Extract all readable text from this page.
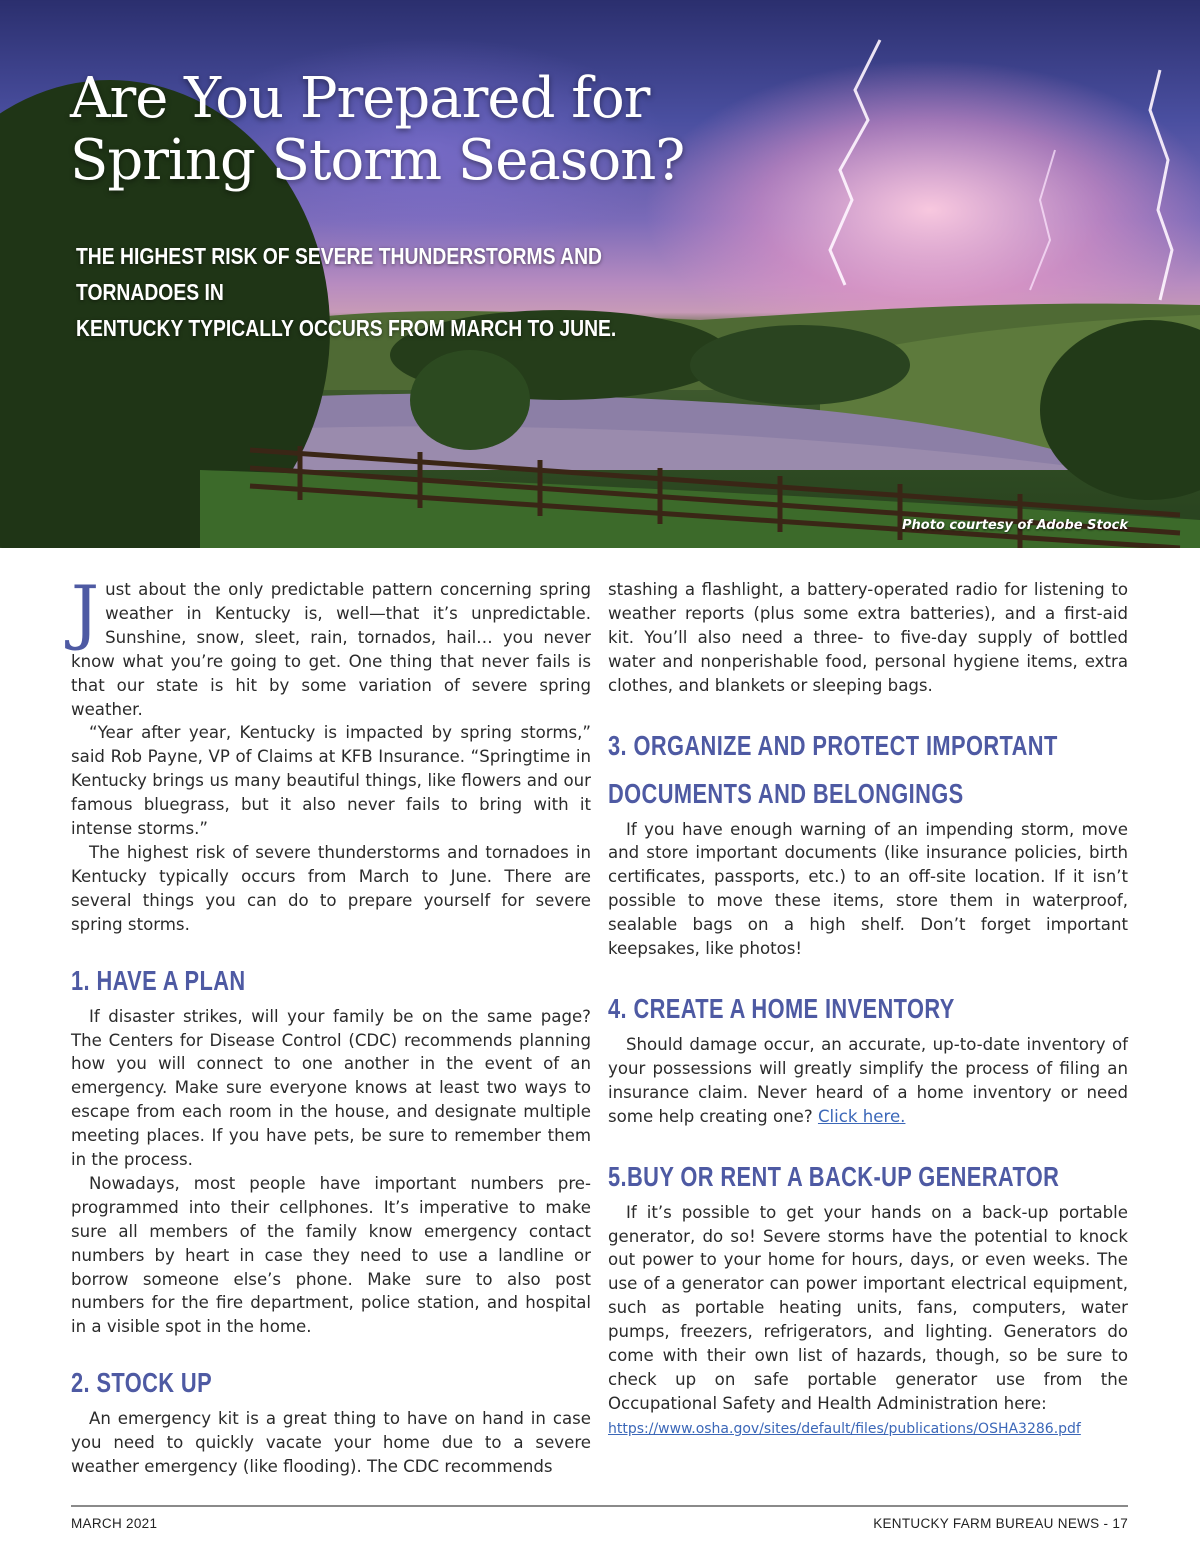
Are You Prepared for
Spring Storm Season?

THE HIGHEST RISK OF SEVERE THUNDERSTORMS AND TORNADOES IN
KENTUCKY TYPICALLY OCCURS FROM MARCH TO JUNE.

Photo courtesy of Adobe Stock

Just about the only predictable pattern concerning spring weather in Kentucky is, well—that it’s unpredictable. Sunshine, snow, sleet, rain, tornados, hail… you never know what you’re going to get. One thing that never fails is that our state is hit by some variation of severe spring weather.

“Year after year, Kentucky is impacted by spring storms,” said Rob Payne, VP of Claims at KFB Insurance. “Springtime in Kentucky brings us many beautiful things, like flowers and our famous bluegrass, but it also never fails to bring with it intense storms.”

The highest risk of severe thunderstorms and tornadoes in Kentucky typically occurs from March to June. There are several things you can do to prepare yourself for severe spring storms.

1. HAVE A PLAN

If disaster strikes, will your family be on the same page? The Centers for Disease Control (CDC) recommends planning how you will connect to one another in the event of an emergency. Make sure everyone knows at least two ways to escape from each room in the house, and designate multiple meeting places. If you have pets, be sure to remember them in the process.

Nowadays, most people have important numbers pre-programmed into their cellphones. It’s imperative to make sure all members of the family know emergency contact numbers by heart in case they need to use a landline or borrow someone else’s phone. Make sure to also post numbers for the fire department, police station, and hospital in a visible spot in the home.

2. STOCK UP

An emergency kit is a great thing to have on hand in case you need to quickly vacate your home due to a severe weather emergency (like flooding). The CDC recommends

stashing a flashlight, a battery-operated radio for listening to weather reports (plus some extra batteries), and a first-aid kit. You’ll also need a three- to five-day supply of bottled water and nonperishable food, personal hygiene items, extra clothes, and blankets or sleeping bags.

3. ORGANIZE AND PROTECT IMPORTANT DOCUMENTS AND BELONGINGS

If you have enough warning of an impending storm, move and store important documents (like insurance policies, birth certificates, passports, etc.) to an off-site location. If it isn’t possible to move these items, store them in waterproof, sealable bags on a high shelf. Don’t forget important keepsakes, like photos!

4. CREATE A HOME INVENTORY

Should damage occur, an accurate, up-to-date inventory of your possessions will greatly simplify the process of filing an insurance claim. Never heard of a home inventory or need some help creating one? Click here.

5.BUY OR RENT A BACK-UP GENERATOR

If it’s possible to get your hands on a back-up portable generator, do so! Severe storms have the potential to knock out power to your home for hours, days, or even weeks. The use of a generator can power important electrical equipment, such as portable heating units, fans, computers, water pumps, freezers, refrigerators, and lighting. Generators do come with their own list of hazards, though, so be sure to check up on safe portable generator use from the Occupational Safety and Health Administration here:

https://www.osha.gov/sites/default/files/publications/OSHA3286.pdf

MARCH 2021	KENTUCKY FARM BUREAU NEWS - 17
